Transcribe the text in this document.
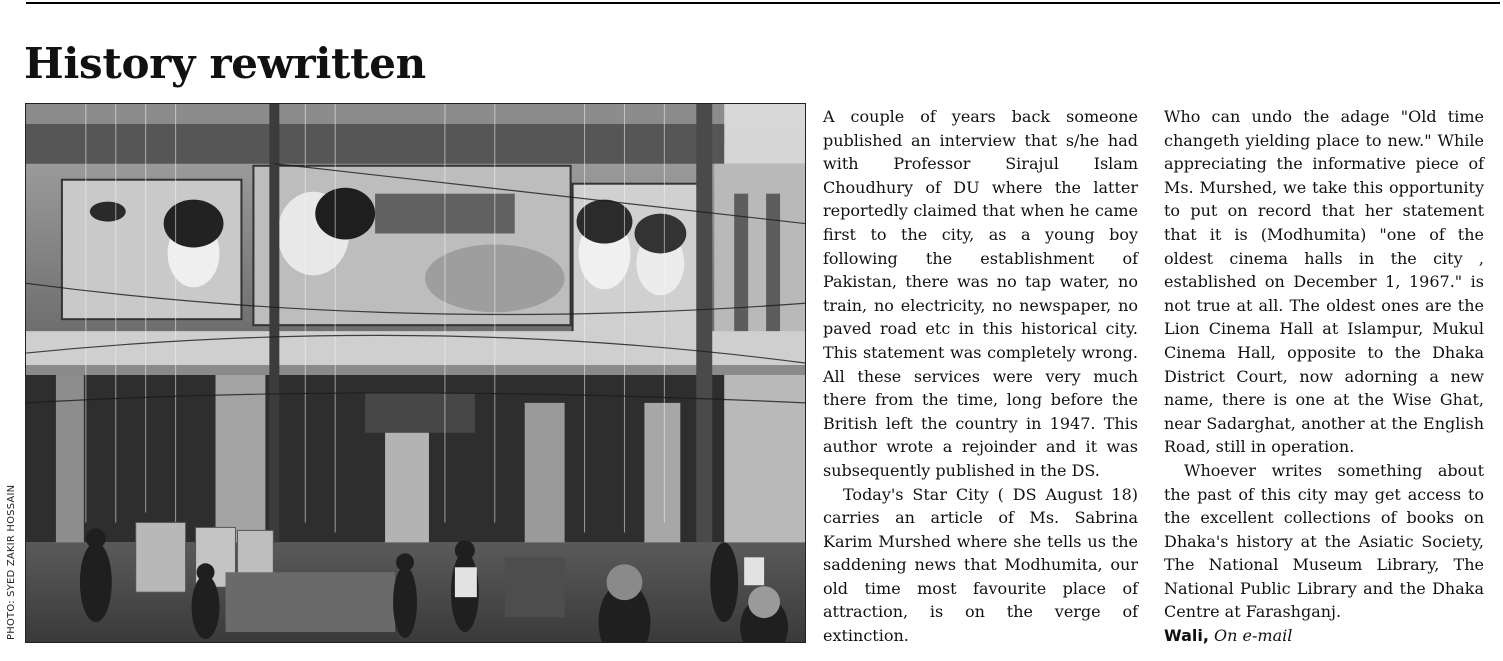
History rewritten
PHOTO: SYED ZAKIR HOSSAIN

A couple of years back someone published an interview that s/he had with Professor Sirajul Islam Choudhury of DU where the latter reportedly claimed that when he came first to the city, as a young boy following the establishment of Pakistan, there was no tap water, no train, no electricity, no newspaper, no paved road etc in this historical city. This statement was completely wrong. All these services were very much there from the time, long before the British left the country in 1947. This author wrote a rejoinder and it was subsequently published in the DS.

Today's Star City ( DS August 18) carries an article of Ms. Sabrina Karim Murshed where she tells us the saddening news that Modhumita, our old time most favourite place of attraction, is on the verge of extinction.

Who can undo the adage "Old time changeth yielding place to new." While appreciating the informative piece of Ms. Murshed, we take this opportunity to put on record that her statement that it is (Modhumita) "one of the oldest cinema halls in the city , established on December 1, 1967." is not true at all. The oldest ones are the Lion Cinema Hall at Islampur, Mukul Cinema Hall, opposite to the Dhaka District Court, now adorning a new name, there is one at the Wise Ghat, near Sadarghat, another at the English Road, still in operation.

Whoever writes something about the past of this city may get access to the excellent collections of books on Dhaka's history at the Asiatic Society, The National Museum Library, The National Public Library and the Dhaka Centre at Farashganj.

Wali, On e-mail
